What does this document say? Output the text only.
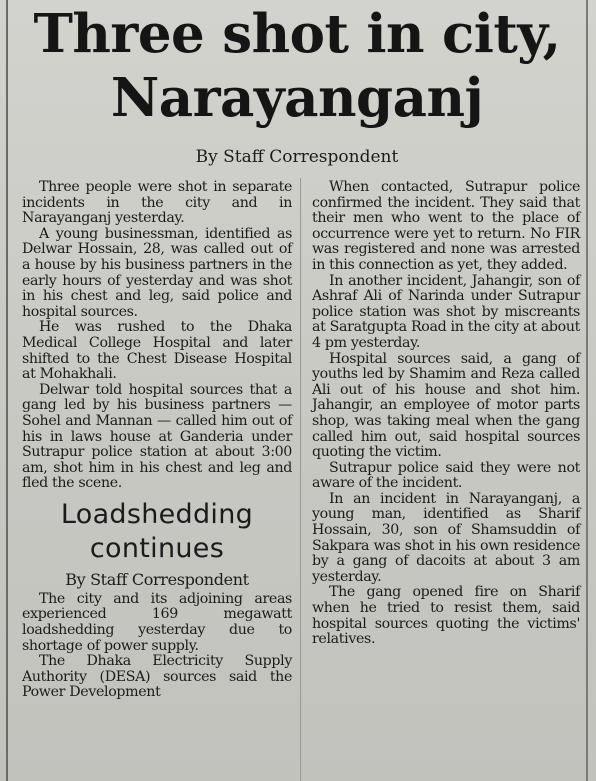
Three shot in city,
Narayanganj
By Staff Correspondent

Three people were shot in separate incidents in the city and in Narayanganj yesterday.

A young businessman, identified as Delwar Hossain, 28, was called out of a house by his business partners in the early hours of yesterday and was shot in his chest and leg, said police and hospital sources.

He was rushed to the Dhaka Medical College Hospital and later shifted to the Chest Disease Hospital at Mohakhali.

Delwar told hospital sources that a gang led by his business partners — Sohel and Mannan — called him out of his in laws house at Ganderia under Sutrapur police station at about 3:00 am, shot him in his chest and leg and fled the scene.

Loadshedding
continues
By Staff Correspondent

The city and its adjoining areas experienced 169 megawatt loadshedding yesterday due to shortage of power supply.

The Dhaka Electricity Supply Authority (DESA) sources said the Power Development

When contacted, Sutrapur police confirmed the incident. They said that their men who went to the place of occurrence were yet to return. No FIR was registered and none was arrested in this connection as yet, they added.

In another incident, Jahangir, son of Ashraf Ali of Narinda under Sutrapur police station was shot by miscreants at Saratgupta Road in the city at about 4 pm yesterday.

Hospital sources said, a gang of youths led by Shamim and Reza called Ali out of his house and shot him. Jahangir, an employee of motor parts shop, was taking meal when the gang called him out, said hospital sources quoting the victim.

Sutrapur police said they were not aware of the incident.

In an incident in Narayanganj, a young man, identified as Sharif Hossain, 30, son of Shamsuddin of Sakpara was shot in his own residence by a gang of dacoits at about 3 am yesterday.

The gang opened fire on Sharif when he tried to resist them, said hospital sources quoting the victims' relatives.
